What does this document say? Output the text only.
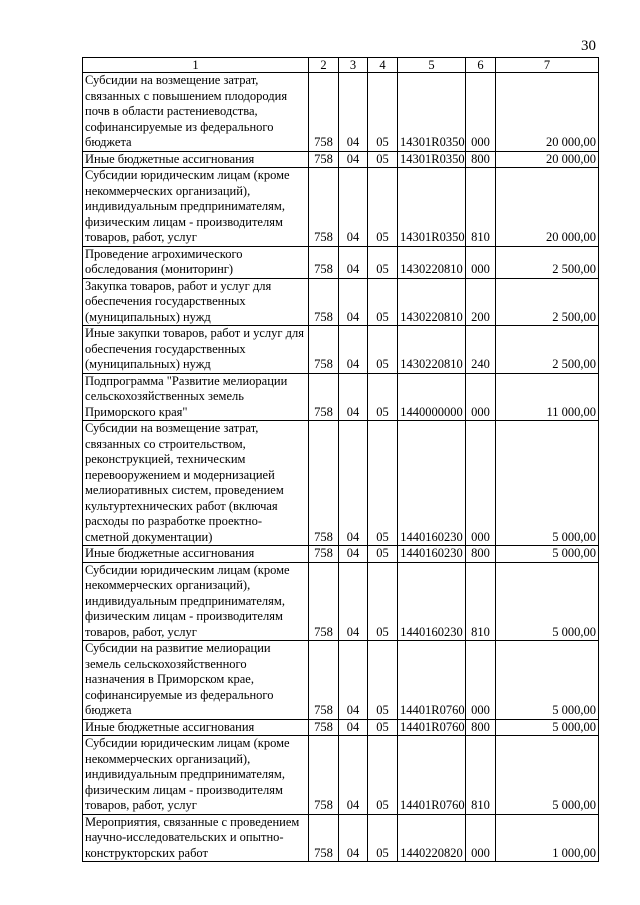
30
1	2	3	4	5	6	7
Субсидии на возмещение затрат, связанных с повышением плодородия почв в области растениеводства, софинансируемые из федерального бюджета	758	04	05	14301R0350	000	20 000,00
Иные бюджетные ассигнования	758	04	05	14301R0350	800	20 000,00
Субсидии юридическим лицам (кроме некоммерческих организаций), индивидуальным предпринимателям, физическим лицам - производителям товаров, работ, услуг	758	04	05	14301R0350	810	20 000,00
Проведение агрохимического обследования (мониторинг)	758	04	05	1430220810	000	2 500,00
Закупка товаров, работ и услуг для обеспечения государственных (муниципальных) нужд	758	04	05	1430220810	200	2 500,00
Иные закупки товаров, работ и услуг для обеспечения государственных (муниципальных) нужд	758	04	05	1430220810	240	2 500,00
Подпрограмма "Развитие мелиорации сельскохозяйственных земель Приморского края"	758	04	05	1440000000	000	11 000,00
Субсидии на возмещение затрат, связанных со строительством, реконструкцией, техническим перевооружением и модернизацией мелиоративных систем, проведением культуртехнических работ (включая расходы по разработке проектно-сметной документации)	758	04	05	1440160230	000	5 000,00
Иные бюджетные ассигнования	758	04	05	1440160230	800	5 000,00
Субсидии юридическим лицам (кроме некоммерческих организаций), индивидуальным предпринимателям, физическим лицам - производителям товаров, работ, услуг	758	04	05	1440160230	810	5 000,00
Субсидии на развитие мелиорации земель сельскохозяйственного назначения в Приморском крае, софинансируемые из федерального бюджета	758	04	05	14401R0760	000	5 000,00
Иные бюджетные ассигнования	758	04	05	14401R0760	800	5 000,00
Субсидии юридическим лицам (кроме некоммерческих организаций), индивидуальным предпринимателям, физическим лицам - производителям товаров, работ, услуг	758	04	05	14401R0760	810	5 000,00
Мероприятия, связанные с проведением научно-исследовательских и опытно-конструкторских работ	758	04	05	1440220820	000	1 000,00
